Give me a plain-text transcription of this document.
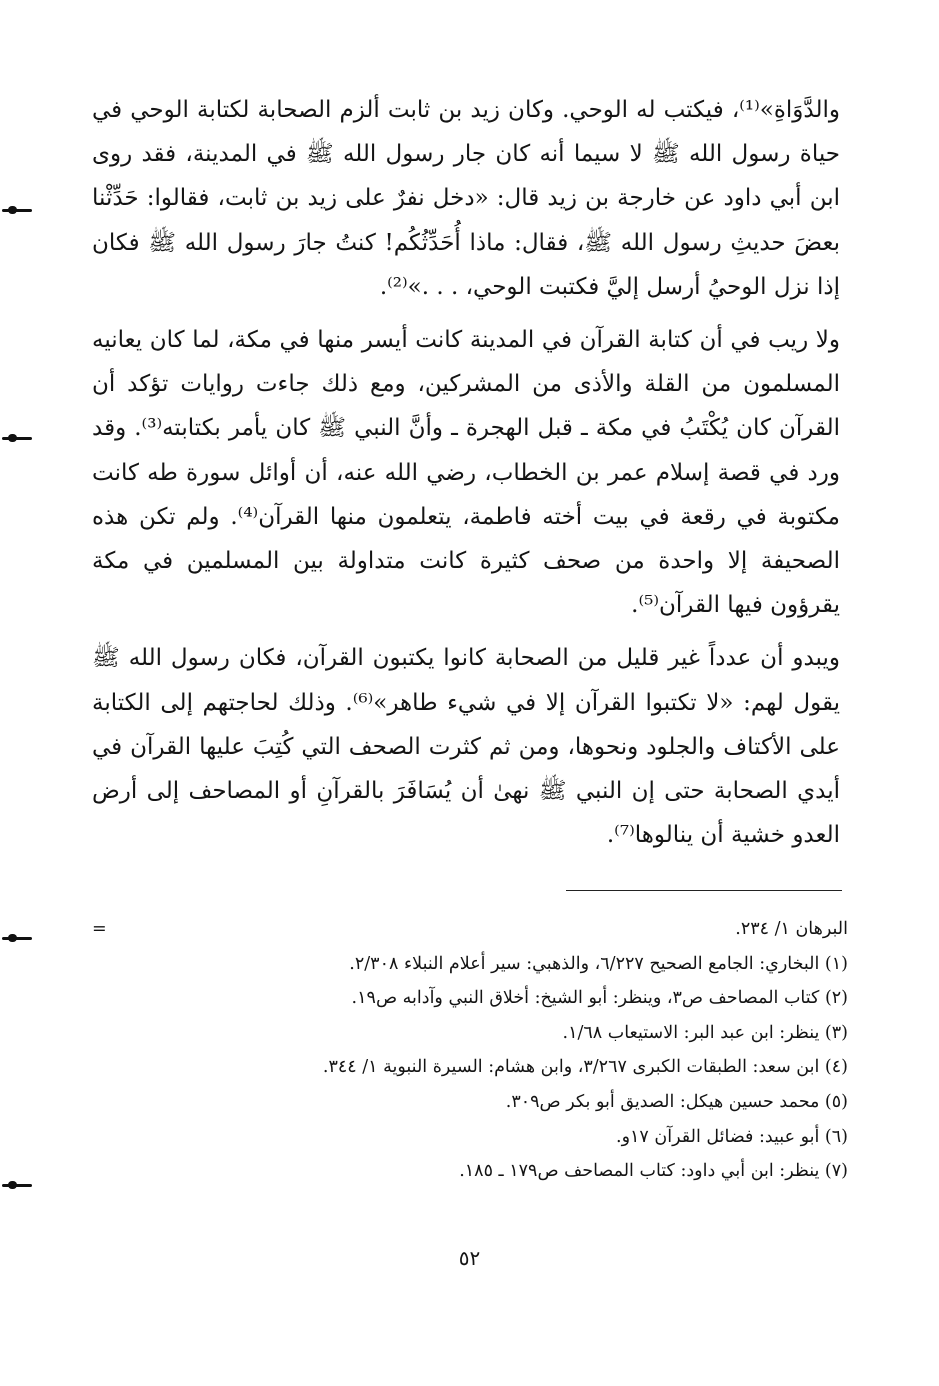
والدَّوَاةِ»⁽¹⁾، فيكتب له الوحي. وكان زيد بن ثابت ألزم الصحابة لكتابة الوحي في حياة رسول الله ﷺ لا سيما أنه كان جار رسول الله ﷺ في المدينة، فقد روى ابن أبي داود عن خارجة بن زيد قال: «دخل نفرٌ على زيد بن ثابت، فقالوا: حَدِّثْنا بعضَ حديثِ رسول الله ﷺ، فقال: ماذا أُحَدِّثُكُم! كنتُ جارَ رسول الله ﷺ فكان إذا نزل الوحيُ أرسل إليَّ فكتبت الوحي، . . .»⁽²⁾.

ولا ريب في أن كتابة القرآن في المدينة كانت أيسر منها في مكة، لما كان يعانيه المسلمون من القلة والأذى من المشركين، ومع ذلك جاءت روايات تؤكد أن القرآن كان يُكْتَبُ في مكة ـ قبل الهجرة ـ وأنَّ النبي ﷺ كان يأمر بكتابته⁽³⁾. وقد ورد في قصة إسلام عمر بن الخطاب، رضي الله عنه، أن أوائل سورة طه كانت مكتوبة في رقعة في بيت أخته فاطمة، يتعلمون منها القرآن⁽⁴⁾. ولم تكن هذه الصحيفة إلا واحدة من صحف كثيرة كانت متداولة بين المسلمين في مكة يقرؤون فيها القرآن⁽⁵⁾.

ويبدو أن عدداً غير قليل من الصحابة كانوا يكتبون القرآن، فكان رسول الله ﷺ يقول لهم: «لا تكتبوا القرآن إلا في شيء طاهر»⁽⁶⁾. وذلك لحاجتهم إلى الكتابة على الأكتاف والجلود ونحوها، ومن ثم كثرت الصحف التي كُتِبَ عليها القرآن في أيدي الصحابة حتى إن النبي ﷺ نهىٰ أن يُسَافَرَ بالقرآنِ أو المصاحف إلى أرض العدو خشية أن ينالوها⁽⁷⁾.

البرهان ١/ ٢٣٤.
=
(١) البخاري: الجامع الصحيح ٦/٢٢٧، والذهبي: سير أعلام النبلاء ٢/٣٠٨.
(٢) كتاب المصاحف ص٣، وينظر: أبو الشيخ: أخلاق النبي وآدابه ص١٩.
(٣) ينظر: ابن عبد البر: الاستيعاب ١/٦٨.
(٤) ابن سعد: الطبقات الكبرى ٣/٢٦٧، وابن هشام: السيرة النبوية ١/ ٣٤٤.
(٥) محمد حسين هيكل: الصديق أبو بكر ص٣٠٩.
(٦) أبو عبيد: فضائل القرآن ١٧و.
(٧) ينظر: ابن أبي داود: كتاب المصاحف ص١٧٩ ـ ١٨٥.
٥٢
